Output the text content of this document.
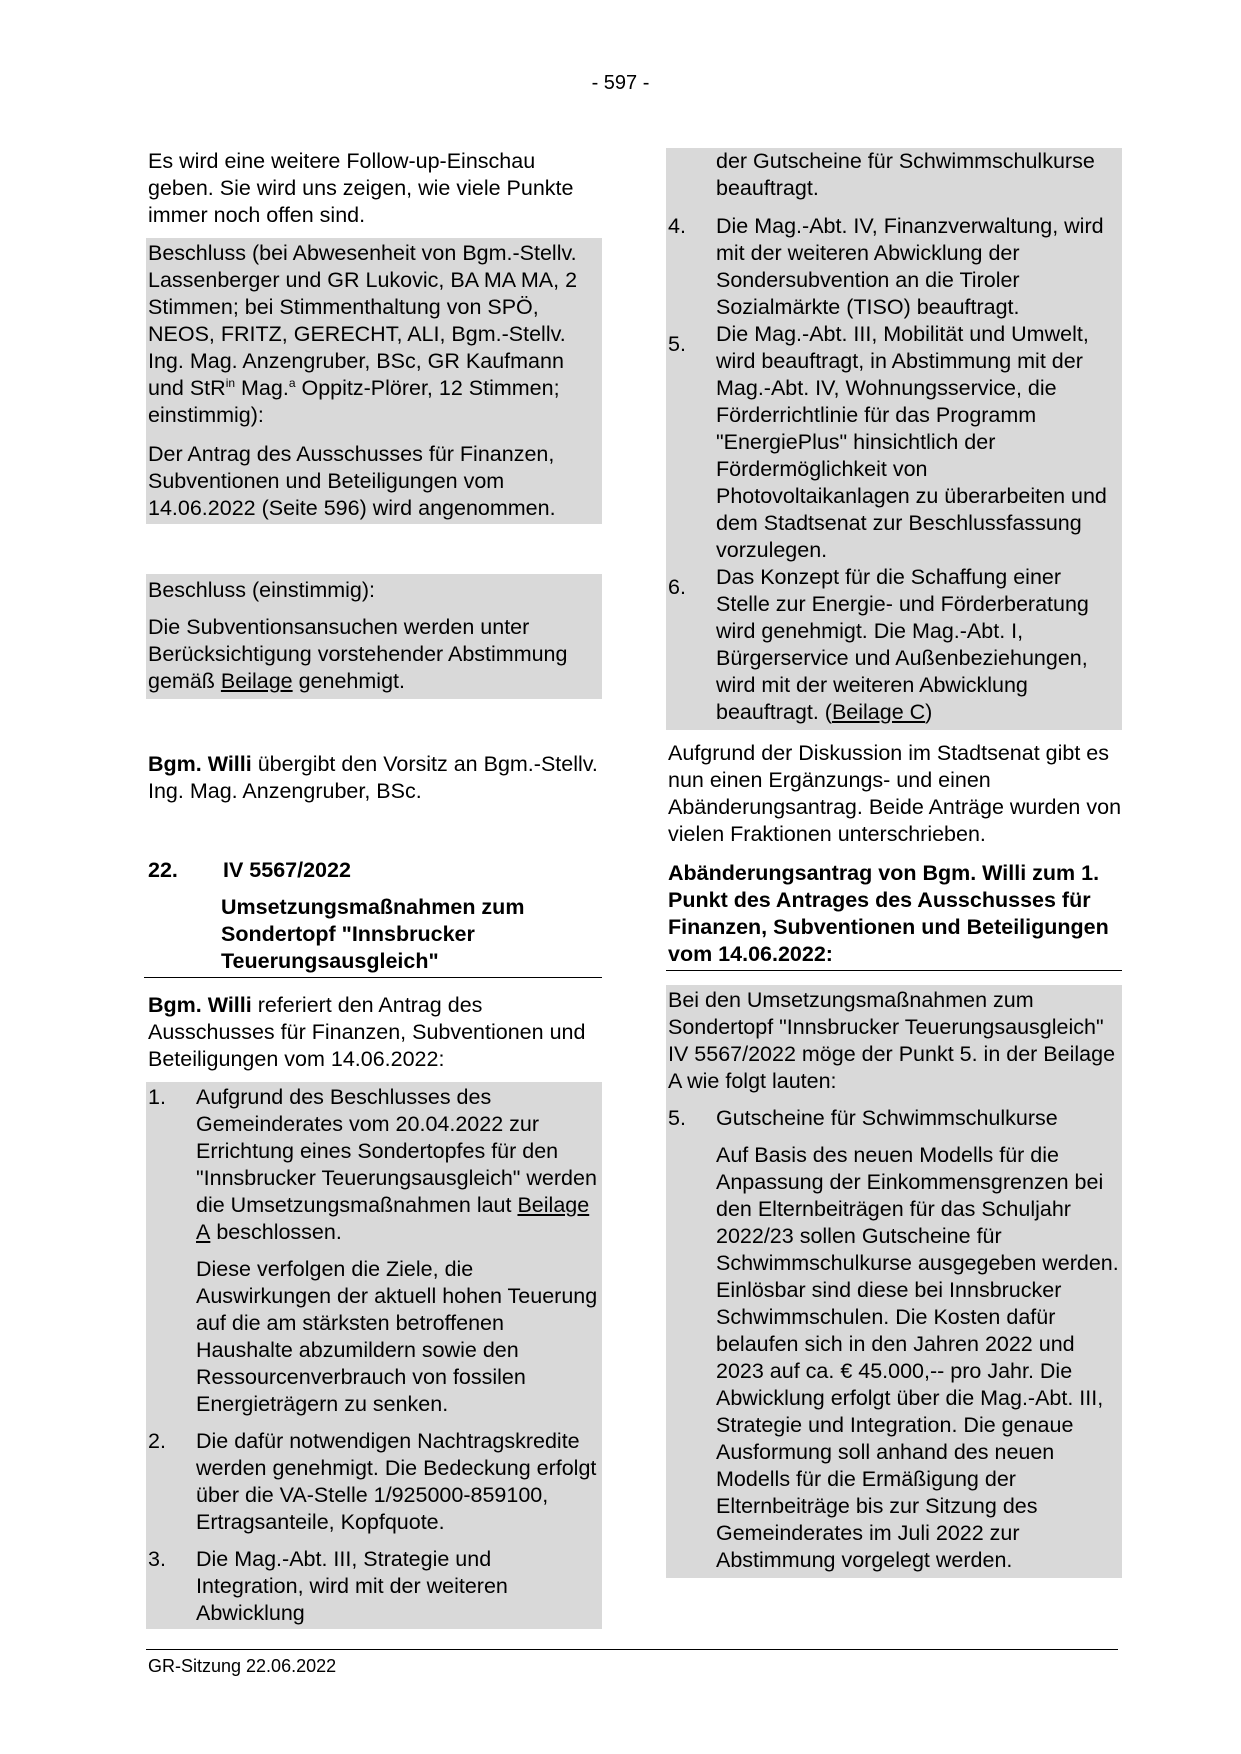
- 597 -

Es wird eine weitere Follow-up-Einschau geben. Sie wird uns zeigen, wie viele Punkte immer noch offen sind.

Beschluss (bei Abwesenheit von Bgm.-Stellv. Lassenberger und GR Lukovic, BA MA MA, 2 Stimmen; bei Stimmenthaltung von SPÖ, NEOS, FRITZ, GERECHT, ALI, Bgm.-Stellv. Ing. Mag. Anzengruber, BSc, GR Kaufmann und StR$^{in}$ Mag.$^a$ Oppitz-Plörer, 12 Stimmen; einstimmig):
Der Antrag des Ausschusses für Finanzen, Subventionen und Beteiligungen vom 14.06.2022 (Seite 596) wird angenommen.
Beschluss (einstimmig):
Die Subventionsansuchen werden unter Berücksichtigung vorstehender Abstimmung gemäß Beilage genehmigt.

Bgm. Willi übergibt den Vorsitz an Bgm.-Stellv. Ing. Mag. Anzengruber, BSc.

22.	IV 5567/2022
Umsetzungsmaßnahmen zum Sondertopf "Innsbrucker Teuerungsausgleich"

Bgm. Willi referiert den Antrag des Ausschusses für Finanzen, Subventionen und Beteiligungen vom 14.06.2022:

1.	Aufgrund des Beschlusses des Gemeinderates vom 20.04.2022 zur Errichtung eines Sondertopfes für den "Innsbrucker Teuerungsausgleich" werden die Umsetzungsmaßnahmen laut Beilage A beschlossen.
Diese verfolgen die Ziele, die Auswirkungen der aktuell hohen Teuerung auf die am stärksten betroffenen Haushalte abzumildern sowie den Ressourcenverbrauch von fossilen Energieträgern zu senken.
2.	Die dafür notwendigen Nachtragskredite werden genehmigt. Die Bedeckung erfolgt über die VA-Stelle 1/925000-859100, Ertragsanteile, Kopfquote.
3.	Die Mag.-Abt. III, Strategie und Integration, wird mit der weiteren Abwicklung
der Gutscheine für Schwimmschulkurse beauftragt.
4.	Die Mag.-Abt. IV, Finanzverwaltung, wird mit der weiteren Abwicklung der Sondersubvention an die Tiroler Sozialmärkte (TISO) beauftragt.
5.	Die Mag.-Abt. III, Mobilität und Umwelt, wird beauftragt, in Abstimmung mit der Mag.-Abt. IV, Wohnungsservice, die Förderrichtlinie für das Programm "EnergiePlus" hinsichtlich der Fördermöglichkeit von Photovoltaikanlagen zu überarbeiten und dem Stadtsenat zur Beschlussfassung vorzulegen.
6.	Das Konzept für die Schaffung einer Stelle zur Energie- und Förderberatung wird genehmigt. Die Mag.-Abt. I, Bürgerservice und Außenbeziehungen, wird mit der weiteren Abwicklung beauftragt. (Beilage C)

Aufgrund der Diskussion im Stadtsenat gibt es nun einen Ergänzungs- und einen Abänderungsantrag. Beide Anträge wurden von vielen Fraktionen unterschrieben.

Abänderungsantrag von Bgm. Willi zum 1. Punkt des Antrages des Ausschusses für Finanzen, Subventionen und Beteiligungen vom 14.06.2022:

Bei den Umsetzungsmaßnahmen zum Sondertopf "Innsbrucker Teuerungsausgleich" IV 5567/2022 möge der Punkt 5. in der Beilage A wie folgt lauten:

5.	Gutscheine für Schwimmschulkurse
Auf Basis des neuen Modells für die Anpassung der Einkommensgrenzen bei den Elternbeiträgen für das Schuljahr 2022/23 sollen Gutscheine für Schwimmschulkurse ausgegeben werden. Einlösbar sind diese bei Innsbrucker Schwimmschulen. Die Kosten dafür belaufen sich in den Jahren 2022 und 2023 auf ca. € 45.000,-- pro Jahr. Die Abwicklung erfolgt über die Mag.-Abt. III, Strategie und Integration. Die genaue Ausformung soll anhand des neuen Modells für die Ermäßigung der Elternbeiträge bis zur Sitzung des Gemeinderates im Juli 2022 zur Abstimmung vorgelegt werden.
GR-Sitzung 22.06.2022
